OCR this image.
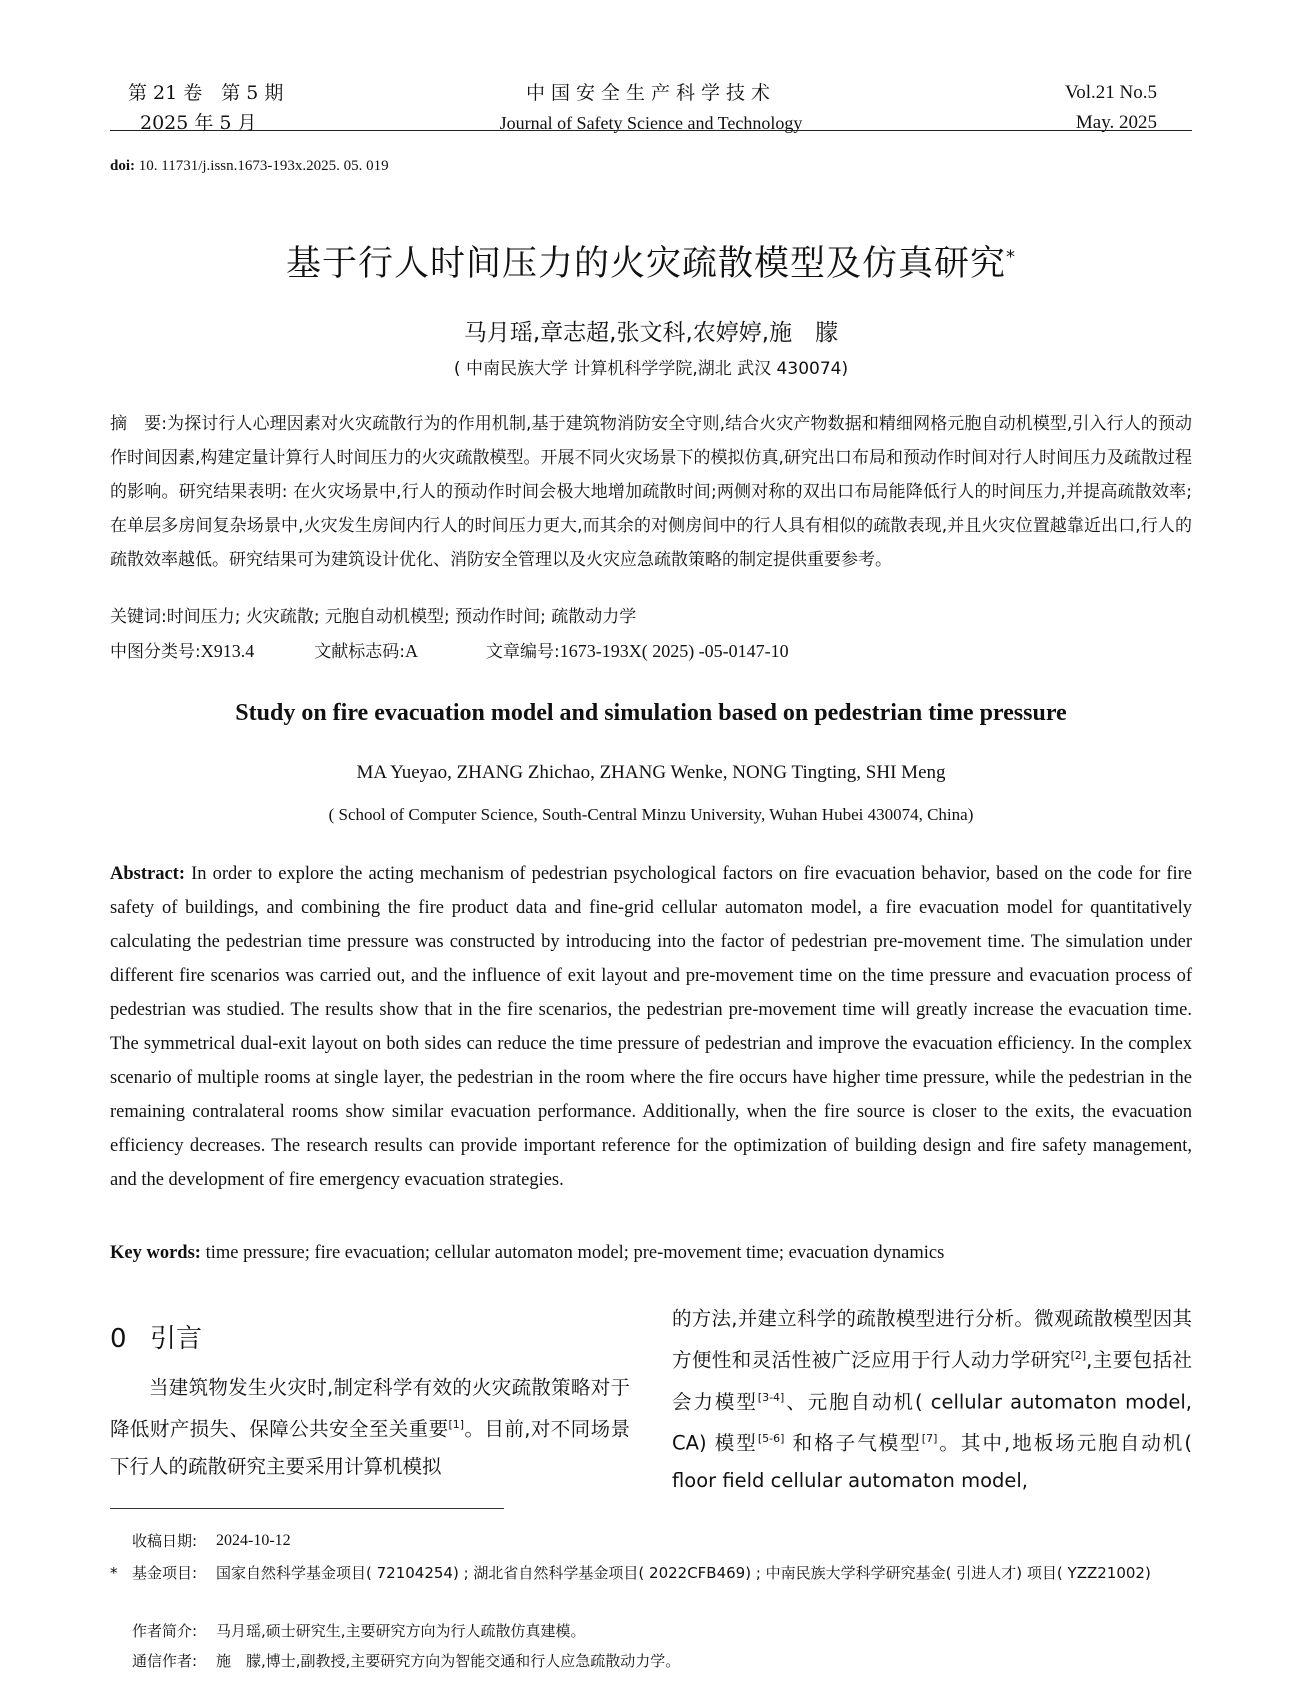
第 21 卷　第 5 期
2025 年 5 月
中国安全生产科学技术
Journal of Safety Science and Technology
Vol.21 No.5
May. 2025
doi: 10. 11731/j.issn.1673-193x.2025. 05. 019
基于行人时间压力的火灾疏散模型及仿真研究*
马月瑶,章志超,张文科,农婷婷,施　朦
( 中南民族大学 计算机科学学院,湖北 武汉 430074)
摘　要:为探讨行人心理因素对火灾疏散行为的作用机制,基于建筑物消防安全守则,结合火灾产物数据和精细网格元胞自动机模型,引入行人的预动作时间因素,构建定量计算行人时间压力的火灾疏散模型。开展不同火灾场景下的模拟仿真,研究出口布局和预动作时间对行人时间压力及疏散过程的影响。研究结果表明: 在火灾场景中,行人的预动作时间会极大地增加疏散时间;两侧对称的双出口布局能降低行人的时间压力,并提高疏散效率;在单层多房间复杂场景中,火灾发生房间内行人的时间压力更大,而其余的对侧房间中的行人具有相似的疏散表现,并且火灾位置越靠近出口,行人的疏散效率越低。研究结果可为建筑设计优化、消防安全管理以及火灾应急疏散策略的制定提供重要参考。
关键词:时间压力; 火灾疏散; 元胞自动机模型; 预动作时间; 疏散动力学
中图分类号:X913.4	文献标志码:A	文章编号:1673-193X( 2025) -05-0147-10
Study on fire evacuation model and simulation based on pedestrian time pressure
MA Yueyao, ZHANG Zhichao, ZHANG Wenke, NONG Tingting, SHI Meng
( School of Computer Science, South-Central Minzu University, Wuhan Hubei 430074, China)
Abstract: In order to explore the acting mechanism of pedestrian psychological factors on fire evacuation behavior, based on the code for fire safety of buildings, and combining the fire product data and fine-grid cellular automaton model, a fire evacuation model for quantitatively calculating the pedestrian time pressure was constructed by introducing into the factor of pedestrian pre-movement time. The simulation under different fire scenarios was carried out, and the influence of exit layout and pre-movement time on the time pressure and evacuation process of pedestrian was studied. The results show that in the fire scenarios, the pedestrian pre-movement time will greatly increase the evacuation time. The symmetrical dual-exit layout on both sides can reduce the time pressure of pedestrian and improve the evacuation efficiency. In the complex scenario of multiple rooms at single layer, the pedestrian in the room where the fire occurs have higher time pressure, while the pedestrian in the remaining contralateral rooms show similar evacuation performance. Additionally, when the fire source is closer to the exits, the evacuation efficiency decreases. The research results can provide important reference for the optimization of building design and fire safety management, and the development of fire emergency evacuation strategies.
Key words: time pressure; fire evacuation; cellular automaton model; pre-movement time; evacuation dynamics
0 引言
当建筑物发生火灾时,制定科学有效的火灾疏散策略对于降低财产损失、保障公共安全至关重要[1]。目前,对不同场景下行人的疏散研究主要采用计算机模拟
的方法,并建立科学的疏散模型进行分析。微观疏散模型因其方便性和灵活性被广泛应用于行人动力学研究[2],主要包括社会力模型[3-4]、元胞自动机( cellular automaton model, CA) 模型[5-6] 和格子气模型[7]。其中,地板场元胞自动机( floor field cellular automaton model,
收稿日期: 2024-10-12
* 基金项目: 国家自然科学基金项目( 72104254) ; 湖北省自然科学基金项目( 2022CFB469) ; 中南民族大学科学研究基金( 引进人才) 项目( YZZ21002)
作者简介: 马月瑶,硕士研究生,主要研究方向为行人疏散仿真建模。
通信作者: 施　朦,博士,副教授,主要研究方向为智能交通和行人应急疏散动力学。
